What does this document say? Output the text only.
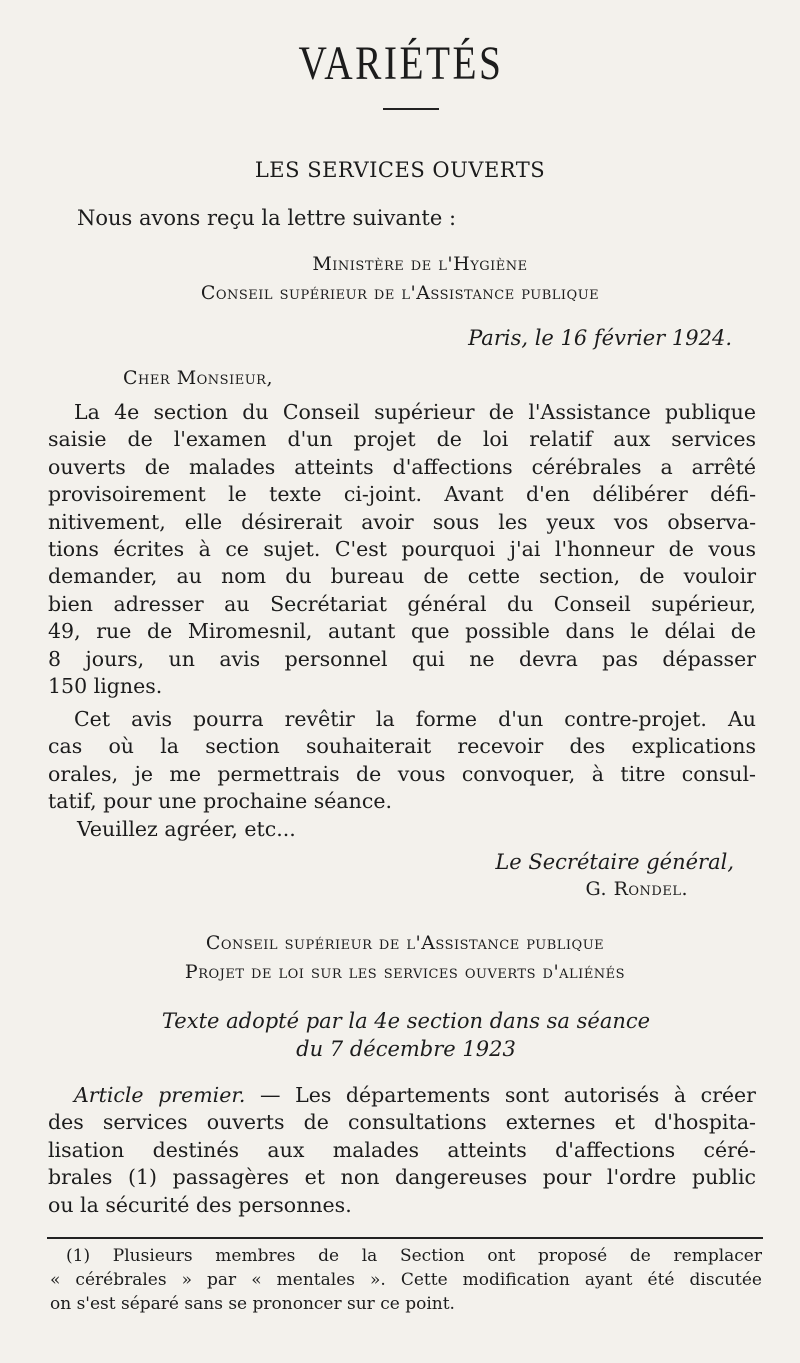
VARIÉTÉS
LES SERVICES OUVERTS
Nous avons reçu la lettre suivante :
Ministère de l'Hygiène
Conseil supérieur de l'Assistance publique
Paris, le 16 février 1924.
Cher Monsieur,
La 4e section du Conseil supérieur de l'Assistance publique
saisie de l'examen d'un projet de loi relatif aux services
ouverts de malades atteints d'affections cérébrales a arrêté
provisoirement le texte ci-joint. Avant d'en délibérer défi-
nitivement, elle désirerait avoir sous les yeux vos observa-
tions écrites à ce sujet. C'est pourquoi j'ai l'honneur de vous
demander, au nom du bureau de cette section, de vouloir
bien adresser au Secrétariat général du Conseil supérieur,
49, rue de Miromesnil, autant que possible dans le délai de
8 jours, un avis personnel qui ne devra pas dépasser
150 lignes.
Cet avis pourra revêtir la forme d'un contre-projet. Au
cas où la section souhaiterait recevoir des explications
orales, je me permettrais de vous convoquer, à titre consul-
tatif, pour une prochaine séance.
Veuillez agréer, etc...
Le Secrétaire général,
G. Rondel.
Conseil supérieur de l'Assistance publique
Projet de loi sur les services ouverts d'aliénés
Texte adopté par la 4e section dans sa séance
du 7 décembre 1923
Article premier. — Les départements sont autorisés à créer
des services ouverts de consultations externes et d'hospita-
lisation destinés aux malades atteints d'affections céré-
brales (1) passagères et non dangereuses pour l'ordre public
ou la sécurité des personnes.
(1) Plusieurs membres de la Section ont proposé de remplacer
« cérébrales » par « mentales ». Cette modification ayant été discutée
on s'est séparé sans se prononcer sur ce point.
